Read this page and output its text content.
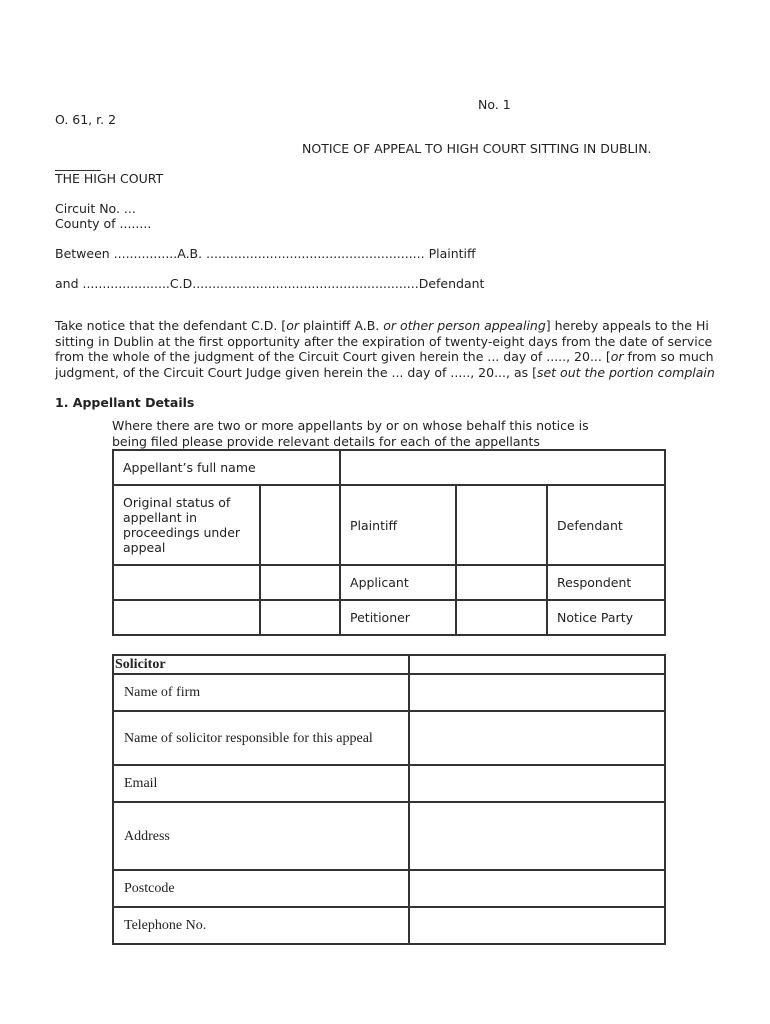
No. 1
O. 61, r. 2
NOTICE OF APPEAL TO HIGH COURT SITTING IN DUBLIN.
THE HIGH COURT
Circuit No. ...
County of ........
Between ................A.B. ....................................................... Plaintiff
and ......................C.D.........................................................Defendant
Take notice that the defendant C.D. [or plaintiff A.B. or other person appealing] hereby appeals to the Hi
sitting in Dublin at the first opportunity after the expiration of twenty-eight days from the date of service
from the whole of the judgment of the Circuit Court given herein the ... day of ....., 20... [or from so much
judgment, of the Circuit Court Judge given herein the ... day of ....., 20..., as [set out the portion complain
1. Appellant Details
Where there are two or more appellants by or on whose behalf this notice is
being filed please provide relevant details for each of the appellants
Appellant’s full name				
Original status of appellant in proceedings under appeal		Plaintiff		Defendant
		Applicant		Respondent
		Petitioner		Notice Party
Solicitor	
Name of firm	
Name of solicitor responsible for this appeal	
Email	
Address	
Postcode	
Telephone No.	
